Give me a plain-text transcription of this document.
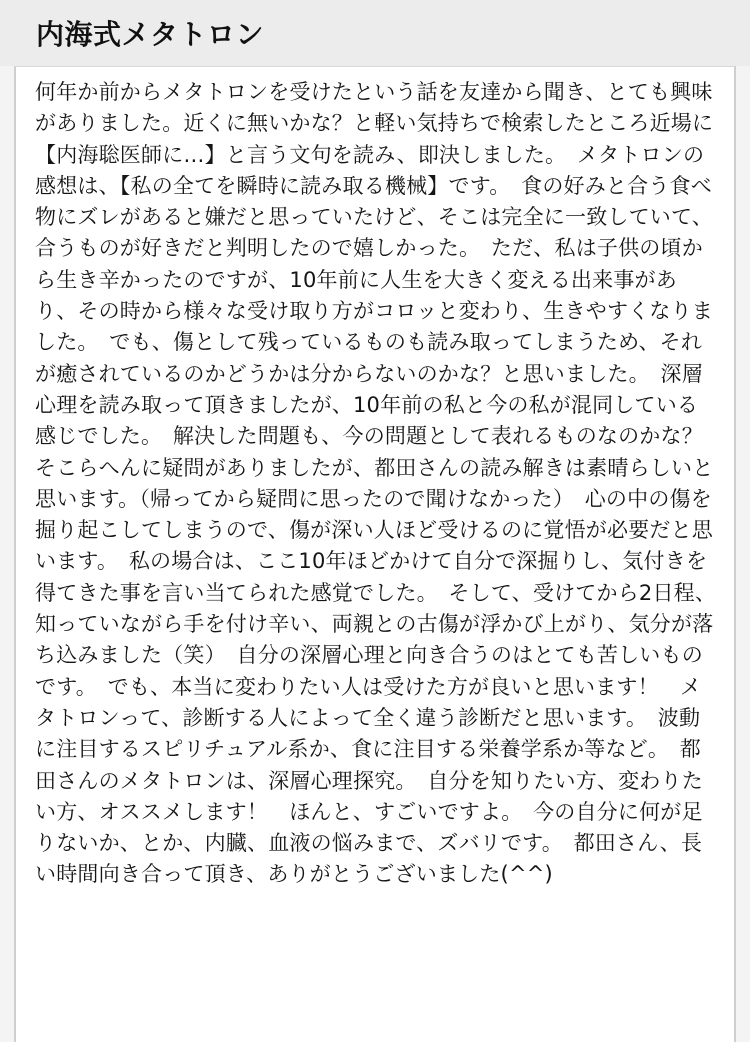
内海式メタトロン

何年か前からメタトロンを受けたという話を友達から聞き、とても興味がありました。近くに無いかな？と軽い気持ちで検索したところ近場に【内海聡医師に…】と言う文句を読み、即決しました。　メタトロンの感想は、【私の全てを瞬時に読み取る機械】です。　食の好みと合う食べ物にズレがあると嫌だと思っていたけど、そこは完全に一致していて、合うものが好きだと判明したので嬉しかった。　ただ、私は子供の頃から生き辛かったのですが、10年前に人生を大きく変える出来事があり、その時から様々な受け取り方がコロッと変わり、生きやすくなりました。　でも、傷として残っているものも読み取ってしまうため、それが癒されているのかどうかは分からないのかな？と思いました。　深層心理を読み取って頂きましたが、10年前の私と今の私が混同している感じでした。　解決した問題も、今の問題として表れるものなのかな？　そこらへんに疑問がありましたが、都田さんの読み解きは素晴らしいと思います。（帰ってから疑問に思ったので聞けなかった）　心の中の傷を掘り起こしてしまうので、傷が深い人ほど受けるのに覚悟が必要だと思います。　私の場合は、ここ10年ほどかけて自分で深掘りし、気付きを得てきた事を言い当てられた感覚でした。　そして、受けてから2日程、知っていながら手を付け辛い、両親との古傷が浮かび上がり、気分が落ち込みました（笑）　自分の深層心理と向き合うのはとても苦しいものです。　でも、本当に変わりたい人は受けた方が良いと思います！　メタトロンって、診断する人によって全く違う診断だと思います。　波動に注目するスピリチュアル系か、食に注目する栄養学系か等など。　都田さんのメタトロンは、深層心理探究。　自分を知りたい方、変わりたい方、オススメします！　ほんと、すごいですよ。　今の自分に何が足りないか、とか、内臓、血液の悩みまで、ズバリです。　都田さん、長い時間向き合って頂き、ありがとうございました(^^)
